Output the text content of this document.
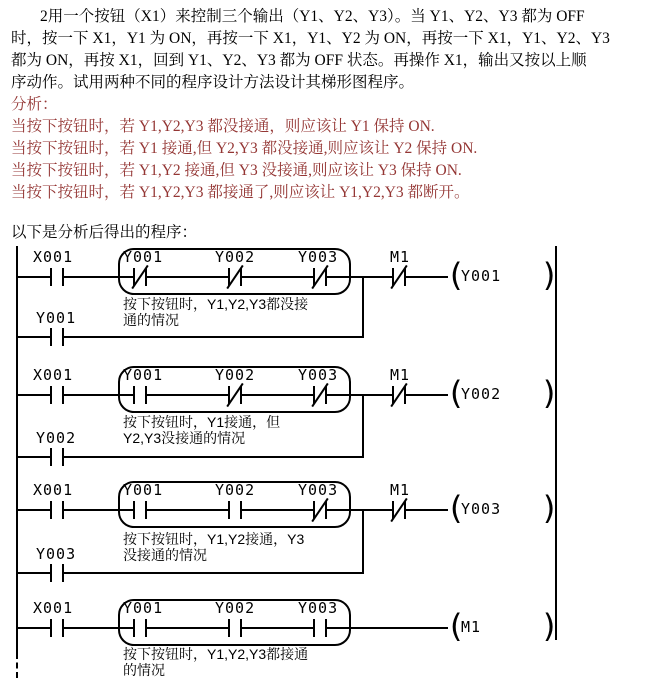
2用一个按钮（X1）来控制三个输出（Y1、Y2、Y3）。当 Y1、Y2、Y3 都为 OFF
时，按一下 X1，Y1 为 ON，再按一下 X1，Y1、Y2 为 ON，再按一下 X1，Y1、Y2、Y3
都为 ON，再按 X1，回到 Y1、Y2、Y3 都为 OFF 状态。再操作 X1，输出又按以上顺
序动作。试用两种不同的程序设计方法设计其梯形图程序。
分析：
当按下按钮时，若 Y1,Y2,Y3 都没接通，则应该让 Y1 保持 ON.
当按下按钮时，若 Y1 接通,但 Y2,Y3 都没接通,则应该让 Y2 保持 ON.
当按下按钮时，若 Y1,Y2 接通,但 Y3 没接通,则应该让 Y3 保持 ON.
当按下按钮时，若 Y1,Y2,Y3 都接通了,则应该让 Y1,Y2,Y3 都断开。
以下是分析后得出的程序：
X001	Y001	Y002	Y003	M1 (
Y001 )
Y001
按下按钮时，Y1,Y2,Y3都没接
通的情况
X001	Y001	Y002	Y003	M1 (
Y002 )
Y002
按下按钮时，Y1接通，但
Y2,Y3没接通的情况
X001	Y001	Y002	Y003	M1 (
Y003 )
Y003
按下按钮时，Y1,Y2接通，Y3
没接通的情况
X001	Y001	Y002	Y003	(
M1 )
按下按钮时，Y1,Y2,Y3都接通
的情况
